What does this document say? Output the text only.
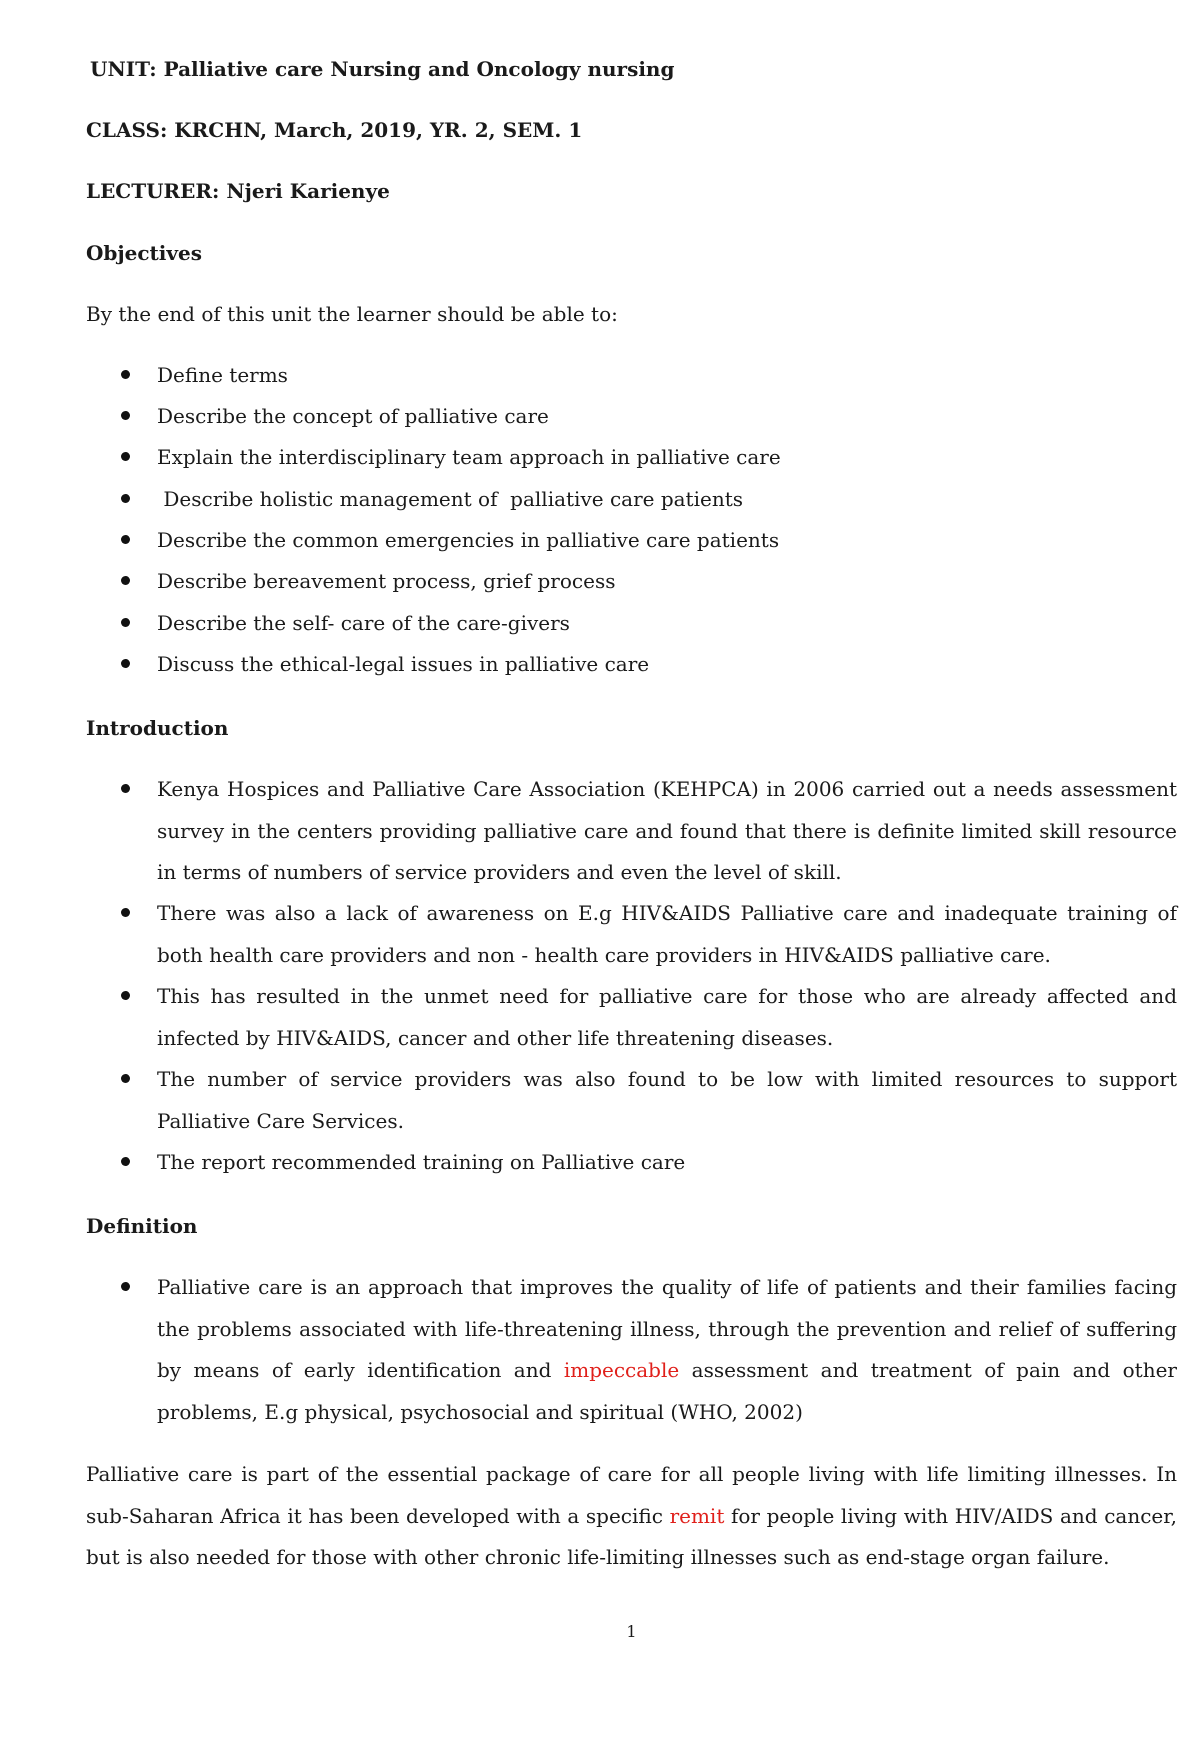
UNIT: Palliative care Nursing and Oncology nursing

CLASS: KRCHN, March, 2019, YR. 2, SEM. 1

LECTURER: Njeri Karienye

Objectives

By the end of this unit the learner should be able to:

Define terms

Describe the concept of palliative care

Explain the interdisciplinary team approach in palliative care

Describe holistic management of  palliative care patients

Describe the common emergencies in palliative care patients

Describe bereavement process, grief process

Describe the self- care of the care-givers

Discuss the ethical-legal issues in palliative care

Introduction

Kenya Hospices and Palliative Care Association (KEHPCA) in 2006 carried out a needs assessment survey in the centers providing palliative care and found that there is definite limited skill resource in terms of numbers of service providers and even the level of skill.

There was also a lack of awareness on E.g HIV&AIDS Palliative care and inadequate training of both health care providers and non - health care providers in HIV&AIDS palliative care.

This has resulted in the unmet need for palliative care for those who are already affected and infected by HIV&AIDS, cancer and other life threatening diseases.

The number of service providers was also found to be low with limited resources to support Palliative Care Services.

The report recommended training on Palliative care

Definition

Palliative care is an approach that improves the quality of life of patients and their families facing the problems associated with life-threatening illness, through the prevention and relief of suffering by means of early identification and impeccable assessment and treatment of pain and other problems, E.g physical, psychosocial and spiritual (WHO, 2002)

Palliative care is part of the essential package of care for all people living with life limiting illnesses. In sub-Saharan Africa it has been developed with a specific remit for people living with HIV/AIDS and cancer, but is also needed for those with other chronic life-limiting illnesses such as end-stage organ failure.

1
